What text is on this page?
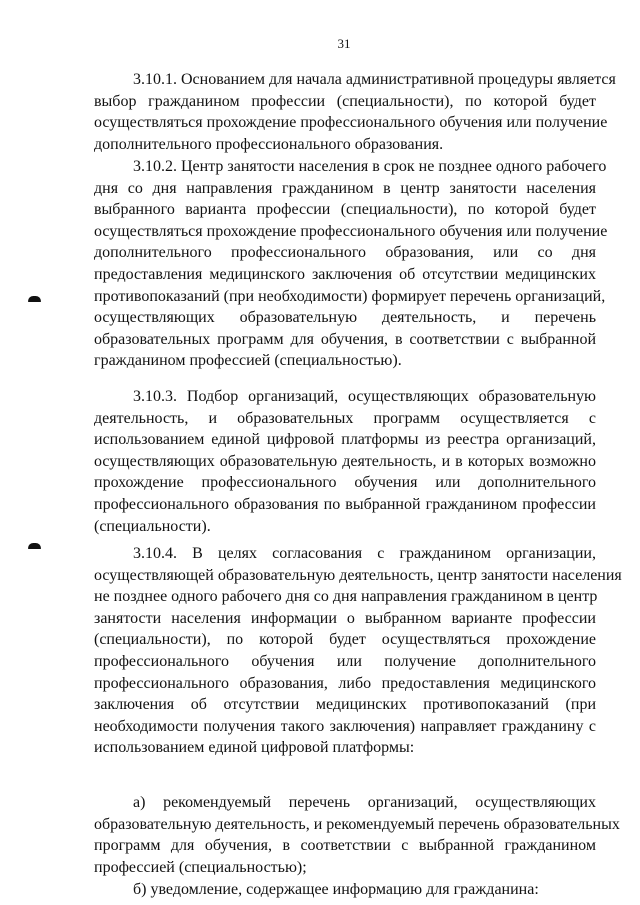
31
3.10.1. Основанием для начала административной процедуры является
выбор гражданином профессии (специальности), по которой будет
осуществляться прохождение профессионального обучения или получение
дополнительного профессионального образования.
3.10.2. Центр занятости населения в срок не позднее одного рабочего
дня со дня направления гражданином в центр занятости населения
выбранного варианта профессии (специальности), по которой будет
осуществляться прохождение профессионального обучения или получение
дополнительного профессионального образования, или со дня
предоставления медицинского заключения об отсутствии медицинских
противопоказаний (при необходимости) формирует перечень организаций,
осуществляющих образовательную деятельность, и перечень
образовательных программ для обучения, в соответствии с выбранной
гражданином профессией (специальностью).
3.10.3. Подбор организаций, осуществляющих образовательную
деятельность, и образовательных программ осуществляется с
использованием единой цифровой платформы из реестра организаций,
осуществляющих образовательную деятельность, и в которых возможно
прохождение профессионального обучения или дополнительного
профессионального образования по выбранной гражданином профессии
(специальности).
3.10.4. В целях согласования с гражданином организации,
осуществляющей образовательную деятельность, центр занятости населения
не позднее одного рабочего дня со дня направления гражданином в центр
занятости населения информации о выбранном варианте профессии
(специальности), по которой будет осуществляться прохождение
профессионального обучения или получение дополнительного
профессионального образования, либо предоставления медицинского
заключения об отсутствии медицинских противопоказаний (при
необходимости получения такого заключения) направляет гражданину с
использованием единой цифровой платформы:
а) рекомендуемый перечень организаций, осуществляющих
образовательную деятельность, и рекомендуемый перечень образовательных
программ для обучения, в соответствии с выбранной гражданином
профессией (специальностью);
б) уведомление, содержащее информацию для гражданина:
